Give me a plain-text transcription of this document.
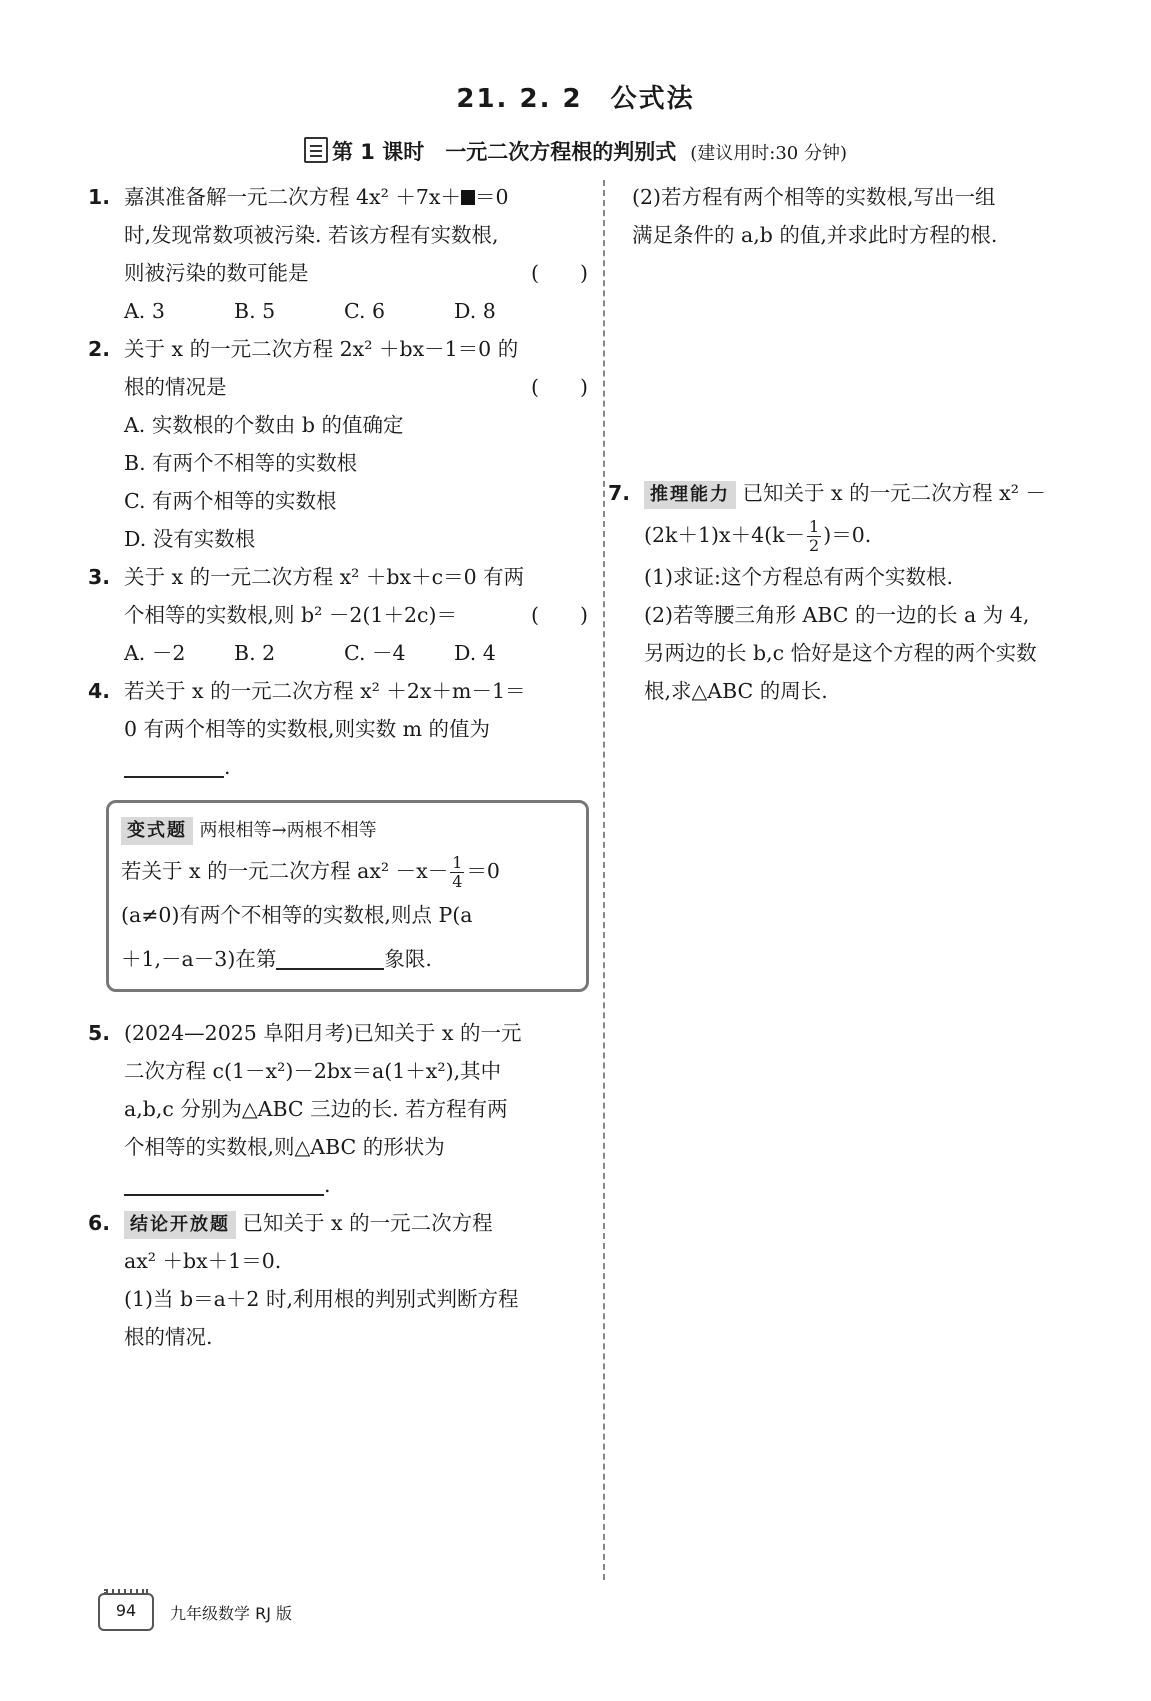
21. 2. 2　公式法
第 1 课时　一元二次方程根的判别式 (建议用时:30 分钟)
1. 嘉淇准备解一元二次方程 4x² ＋7x＋ ＝0
时,发现常数项被污染. 若该方程有实数根,
则被污染的数可能是	(　　)
A. 3	B. 5	C. 6	D. 8
2. 关于 x 的一元二次方程 2x² ＋bx－1＝0 的
根的情况是	(　　)
A. 实数根的个数由 b 的值确定
B. 有两个不相等的实数根
C. 有两个相等的实数根
D. 没有实数根
3. 关于 x 的一元二次方程 x² ＋bx＋c＝0 有两
个相等的实数根,则 b² －2(1＋2c)＝	(　　)
A. －2	B. 2	C. －4	D. 4
4. 若关于 x 的一元二次方程 x² ＋2x＋m－1＝
0 有两个相等的实数根,则实数 m 的值为
.
变式题 两根相等→两根不相等
若关于 x 的一元二次方程 $ax^2 -x- \frac{1}{4} =0$
(a≠0)有两个不相等的实数根,则点 P(a
＋1,－a－3)在第	象限.
5. (2024—2025 阜阳月考)已知关于 x 的一元
二次方程 c(1－x²)－2bx＝a(1＋x²),其中
a,b,c 分别为△ABC 三边的长. 若方程有两
个相等的实数根,则△ABC 的形状为
.
6.	结论开放题 已知关于 x 的一元二次方程
ax² ＋bx＋1＝0.
(1)当 b＝a＋2 时,利用根的判别式判断方程
根的情况.
(2)若方程有两个相等的实数根,写出一组
满足条件的 a,b 的值,并求此时方程的根.
7.	推理能力 已知关于 x 的一元二次方程 x² －
$(2k+1)x+4(k- \frac{1}{2} )=0$.
(1)求证:这个方程总有两个实数根.
(2)若等腰三角形 ABC 的一边的长 a 为 4,
另两边的长 b,c 恰好是这个方程的两个实数
根,求△ABC 的周长.
94	九年级数学 RJ 版
